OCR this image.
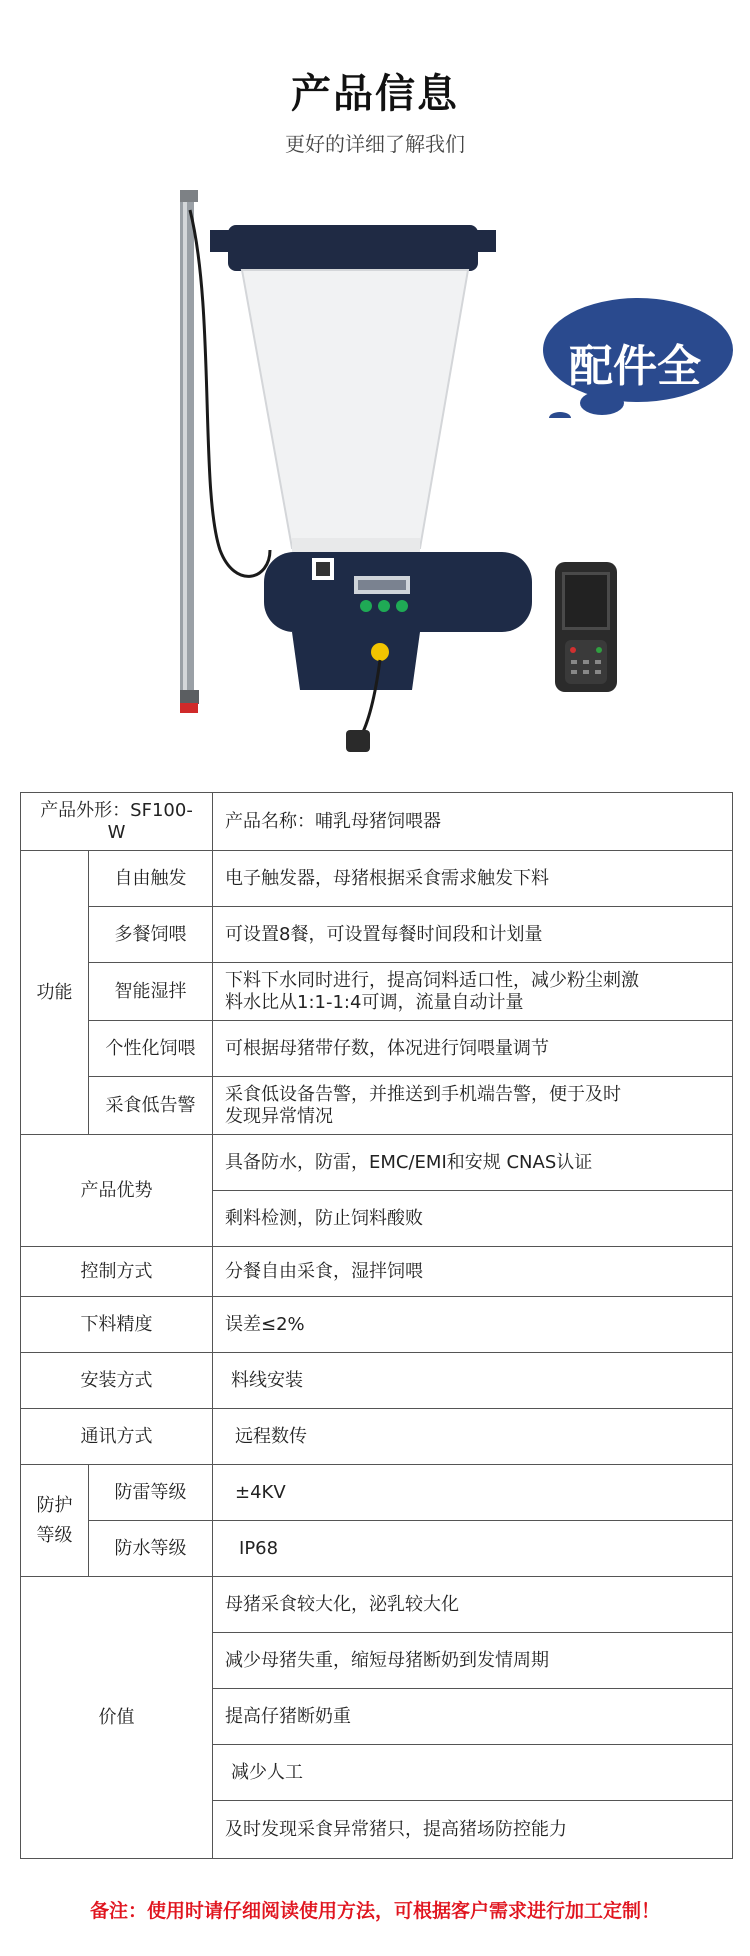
产品信息
更好的详细了解我们
配件全
产品外形：SF100-W		产品名称：哺乳母猪饲喂器
功能	自由触发	电子触发器，母猪根据采食需求触发下料
	多餐饲喂	可设置8餐，可设置每餐时间段和计划量
	智能湿拌	下料下水同时进行，提高饲料适口性，减少粉尘刺激
料水比从1:1-1:4可调，流量自动计量

	个性化饲喂	可根据母猪带仔数，体况进行饲喂量调节
	采食低告警	采食低设备告警，并推送到手机端告警，便于及时
发现异常情况

产品优势		具备防水，防雷，EMC/EMI和安规 CNAS认证
		剩料检测，防止饲料酸败
控制方式		分餐自由采食，湿拌饲喂
下料精度		误差≤2%
安装方式		料线安装
通讯方式		远程数传

防护
等级	防雷等级	±4KV
	防水等级	IP68
价值		母猪采食较大化，泌乳较大化
		减少母猪失重，缩短母猪断奶到发情周期
		提高仔猪断奶重
		减少人工
		及时发现采食异常猪只，提高猪场防控能力
备注：使用时请仔细阅读使用方法，可根据客户需求进行加工定制！
